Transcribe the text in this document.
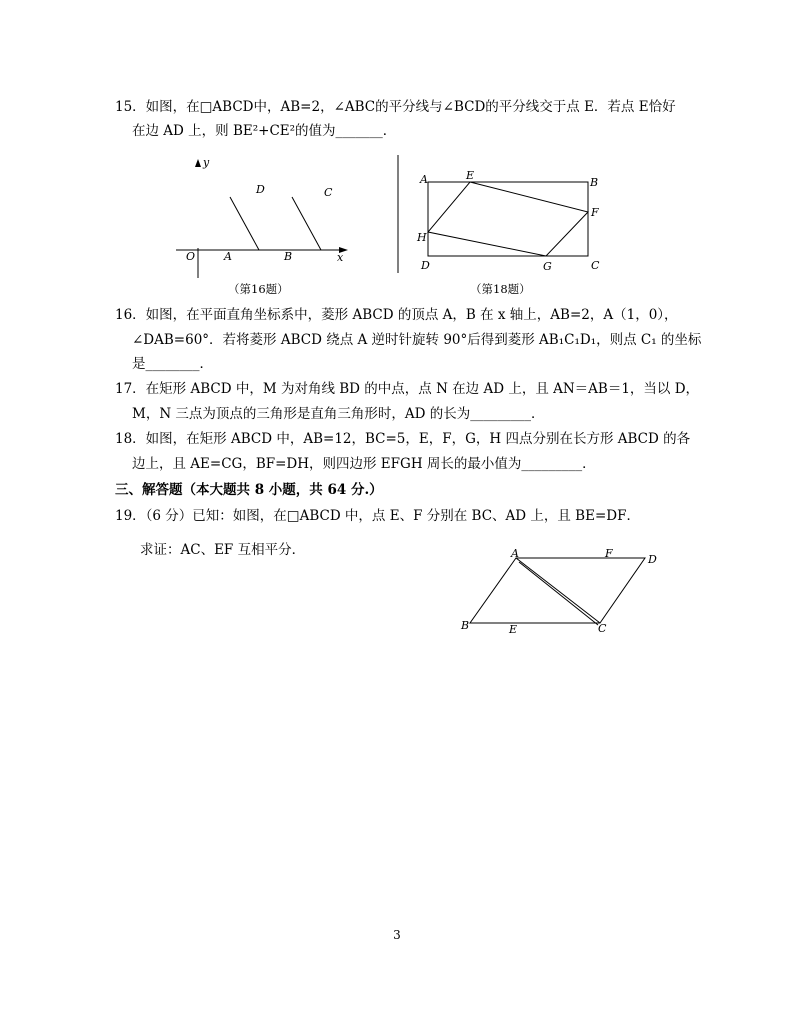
15．如图，在□ABCD中，AB=2，∠ABC的平分线与∠BCD的平分线交于点 E．若点 E恰好
在边 AD 上，则 BE²+CE²的值为_______．
y
x
O	A	B
D	C
（第16题）
A	E
B
F
H
D	G	C
（第18题）
16．如图，在平面直角坐标系中，菱形 ABCD 的顶点 A，B 在 x 轴上，AB=2，A（1，0），
∠DAB=60°．若将菱形 ABCD 绕点 A 逆时针旋转 90°后得到菱形 AB₁C₁D₁，则点 C₁ 的坐标
是________．
17．在矩形 ABCD 中，M 为对角线 BD 的中点，点 N 在边 AD 上，且 AN＝AB＝1，当以 D，
M，N 三点为顶点的三角形是直角三角形时，AD 的长为_________．
18．如图，在矩形 ABCD 中，AB=12，BC=5，E，F，G，H 四点分别在长方形 ABCD 的各
边上，且 AE=CG，BF=DH，则四边形 EFGH 周长的最小值为_________．
三、解答题（本大题共 8 小题，共 64 分.）
19．（6 分）已知：如图，在□ABCD 中，点 E、F 分别在 BC、AD 上，且 BE=DF．
求证：AC、EF 互相平分．	A	F	D
B	E	C
3
